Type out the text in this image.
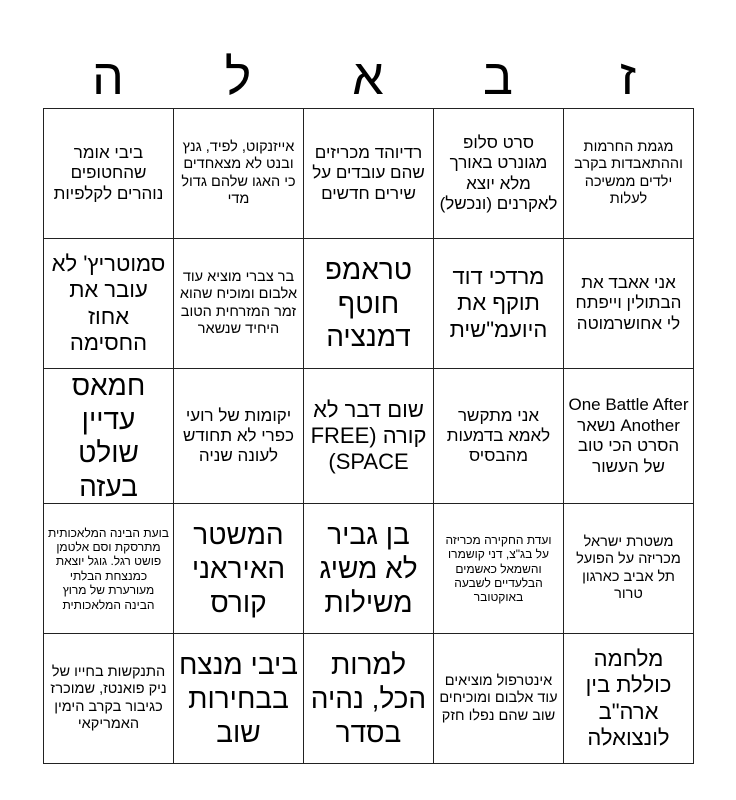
ז
ב
א
ל
ה
מגמת החרמות וההתאבדות בקרב ילדים ממשיכה לעלות	סרט סלופ מגונרט באורך מלא יוצא לאקרנים (ונכשל)	רדיוהד מכריזים שהם עובדים על שירים חדשים	אייזנקוט, לפיד, גנץ ובנט לא מצאחדים כי האגו שלהם גדול מדי	ביבי אומר שהחטופים נוהרים לקלפיות
אני אאבד את הבתולין וייפתח לי אחושרמוטה	מרדכי דוד תוקף את היועמ"שית	טראמפ חוטף דמנציה	בר צברי מוציא עוד אלבום ומוכיח שהוא זמר המזרחית הטוב היחיד שנשאר	סמוטריץ' לא עובר את אחוז החסימה
One Battle After Another נשאר הסרט הכי טוב של העשור	אני מתקשר לאמא בדמעות מהבסיס	שום דבר לא קורה (FREE SPACE)	יקומות של רועי כפרי לא תחודש לעונה שניה	חמאס עדיין שולט בעזה
משטרת ישראל מכריזה על הפועל תל אביב כארגון טרור	ועדת החקירה מכריזה על בג"צ, דני קושמרו והשמאל כאשמים הבלעדיים לשבעה באוקטובר	בן גביר לא משיג משילות	המשטר האיראני קורס	בועת הבינה המלאכותית מתרסקת וסם אלטמן פושט רגל. גוגל יוצאת כמנצחת הבלתי מעורערת של מרוץ הבינה המלאכותית
מלחמה כוללת בין ארה"ב לונצואלה	אינטרפול מוציאים עוד אלבום ומוכיחים שוב שהם נפלו חזק	למרות הכל, נהיה בסדר	ביבי מנצח בבחירות שוב	התנקשות בחייו של ניק פואנטז, שמוכרז כגיבור בקרב הימין האמריקאי
